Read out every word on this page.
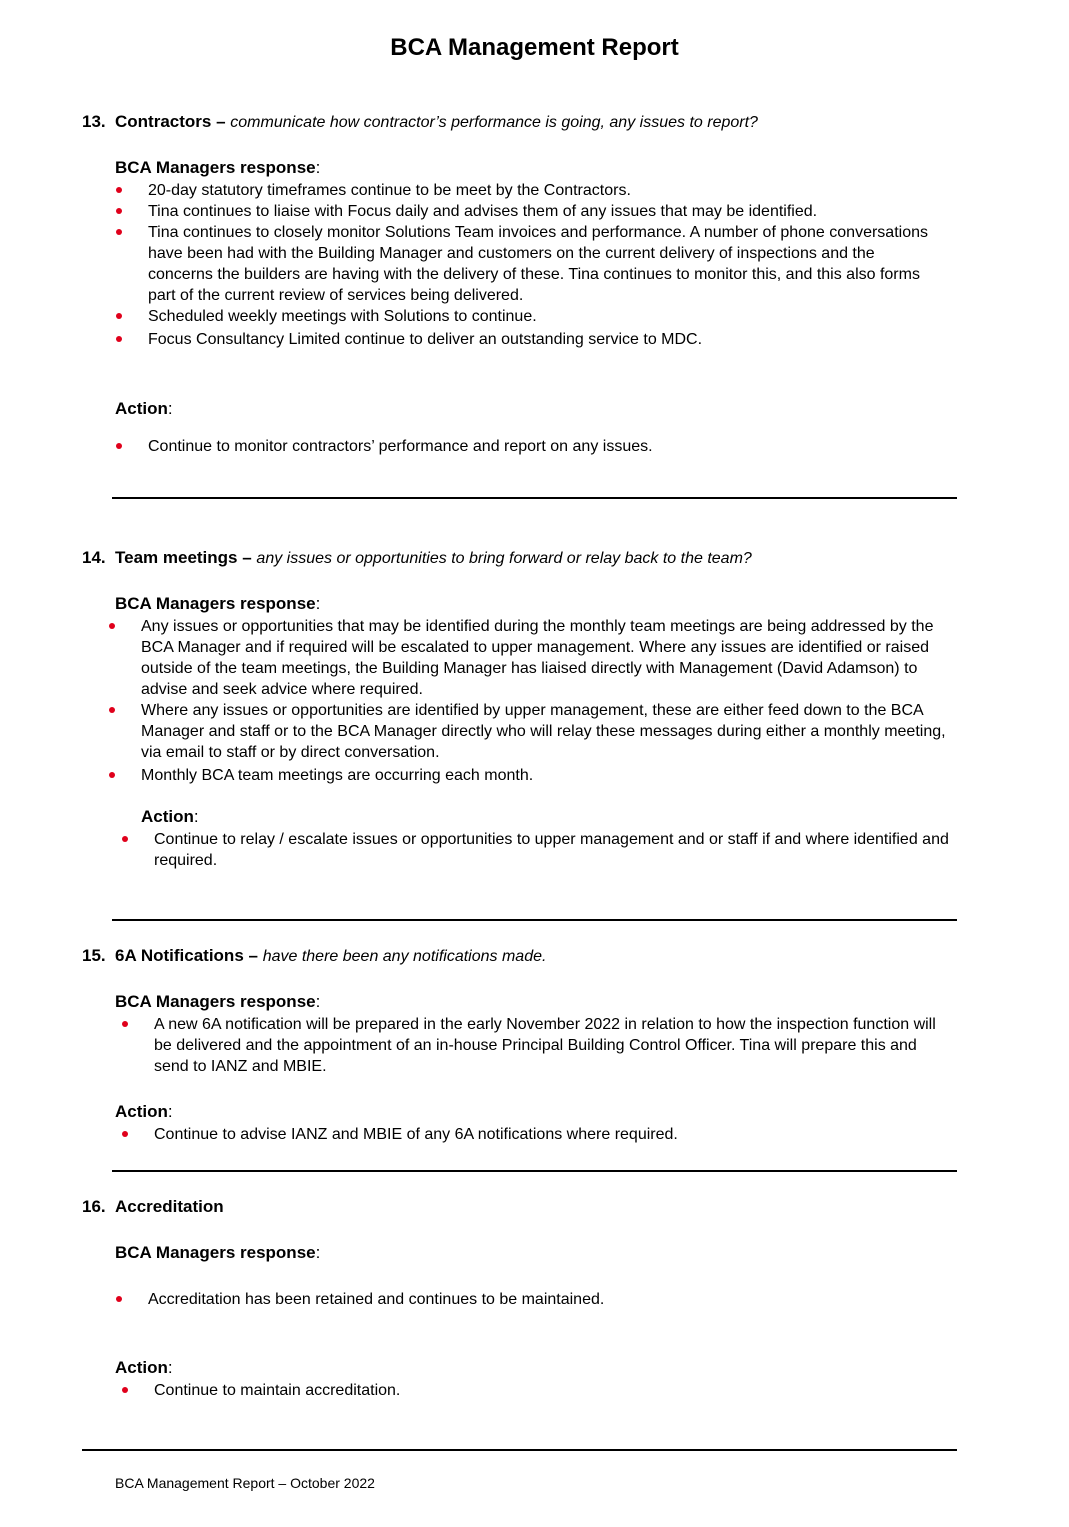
BCA Management Report
13. Contractors – communicate how contractor’s performance is going, any issues to report?
BCA Managers response:
20-day statutory timeframes continue to be meet by the Contractors.
Tina continues to liaise with Focus daily and advises them of any issues that may be identified.
Tina continues to closely monitor Solutions Team invoices and performance. A number of phone conversations have been had with the Building Manager and customers on the current delivery of inspections and the concerns the builders are having with the delivery of these. Tina continues to monitor this, and this also forms part of the current review of services being delivered.
Scheduled weekly meetings with Solutions to continue.
Focus Consultancy Limited continue to deliver an outstanding service to MDC.
Action:
Continue to monitor contractors’ performance and report on any issues.
14. Team meetings – any issues or opportunities to bring forward or relay back to the team?
BCA Managers response:
Any issues or opportunities that may be identified during the monthly team meetings are being addressed by the BCA Manager and if required will be escalated to upper management. Where any issues are identified or raised outside of the team meetings, the Building Manager has liaised directly with Management (David Adamson) to advise and seek advice where required.
Where any issues or opportunities are identified by upper management, these are either feed down to the BCA Manager and staff or to the BCA Manager directly who will relay these messages during either a monthly meeting, via email to staff or by direct conversation.
Monthly BCA team meetings are occurring each month.
Action:
Continue to relay / escalate issues or opportunities to upper management and or staff if and where identified and required.
15. 6A Notifications – have there been any notifications made.
BCA Managers response:
A new 6A notification will be prepared in the early November 2022 in relation to how the inspection function will be delivered and the appointment of an in-house Principal Building Control Officer. Tina will prepare this and send to IANZ and MBIE.
Action:
Continue to advise IANZ and MBIE of any 6A notifications where required.
16. Accreditation
BCA Managers response:
Accreditation has been retained and continues to be maintained.
Action:
Continue to maintain accreditation.
BCA Management Report – October 2022
